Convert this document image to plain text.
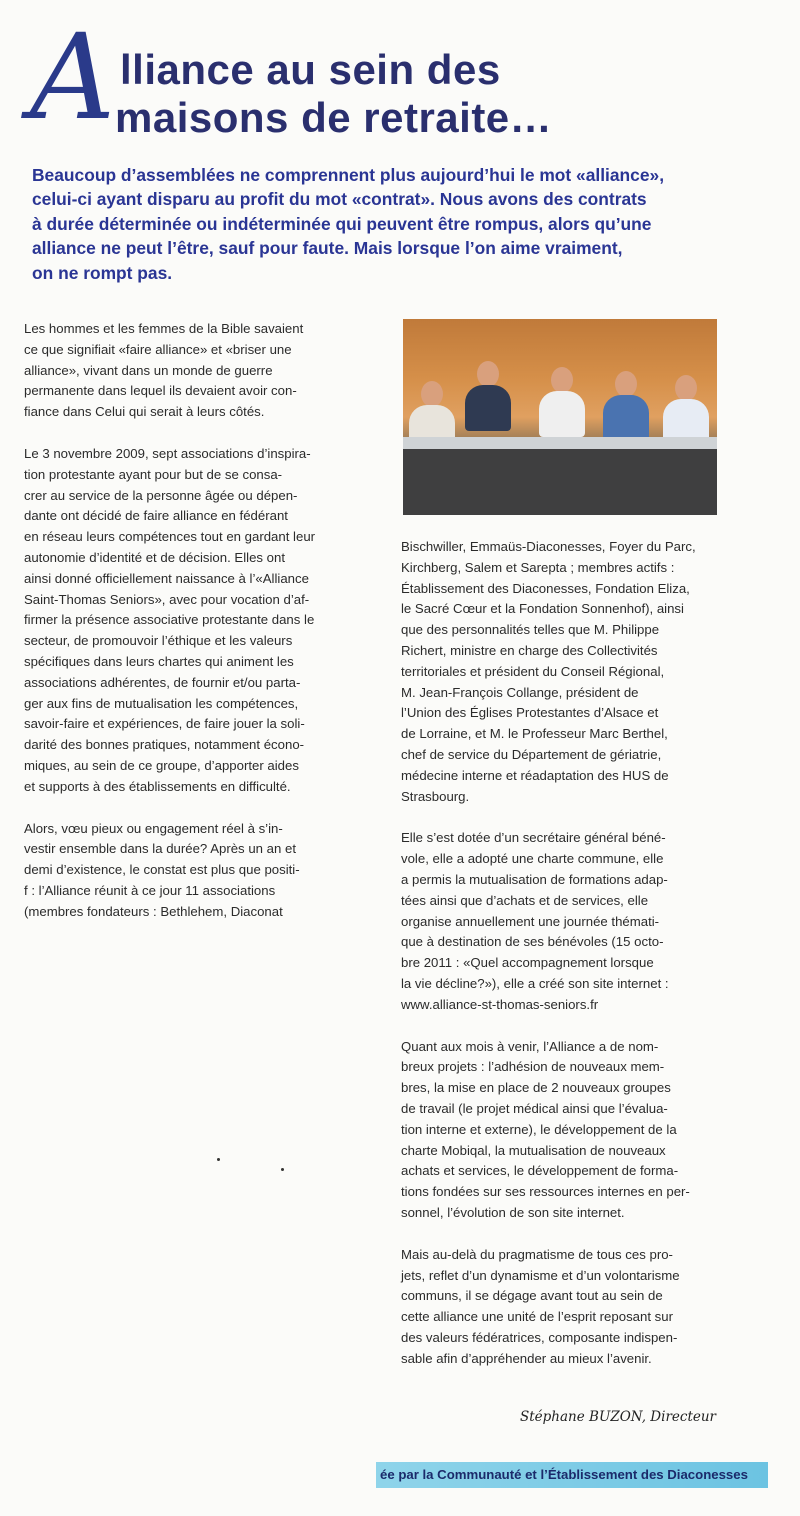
A lliance au sein des
maisons de retraite…

Beaucoup d’assemblées ne comprennent plus aujourd’hui le mot «alliance»,

celui-ci ayant disparu au profit du mot «contrat». Nous avons des contrats

à durée déterminée ou indéterminée qui peuvent être rompus, alors qu’une

alliance ne peut l’être, sauf pour faute. Mais lorsque l’on aime vraiment,

on ne rompt pas.

Les hommes et les femmes de la Bible savaient

ce que signifiait «faire alliance» et «briser une

alliance», vivant dans un monde de guerre

permanente dans lequel ils devaient avoir con-

fiance dans Celui qui serait à leurs côtés.

Le 3 novembre 2009, sept associations d’inspira-

tion protestante ayant pour but de se consa-

crer au service de la personne âgée ou dépen-

dante ont décidé de faire alliance en fédérant

en réseau leurs compétences tout en gardant leur

autonomie d’identité et de décision. Elles ont

ainsi donné officiellement naissance à l’«Alliance

Saint-Thomas Seniors», avec pour vocation d’af-

firmer la présence associative protestante dans le

secteur, de promouvoir l’éthique et les valeurs

spécifiques dans leurs chartes qui animent les

associations adhérentes, de fournir et/ou parta-

ger aux fins de mutualisation les compétences,

savoir-faire et expériences, de faire jouer la soli-

darité des bonnes pratiques, notamment écono-

miques, au sein de ce groupe, d’apporter aides

et supports à des établissements en difficulté.

Alors, vœu pieux ou engagement réel à s’in-

vestir ensemble dans la durée? Après un an et

demi d’existence, le constat est plus que positi-

f : l’Alliance réunit à ce jour 11 associations

(membres fondateurs : Bethlehem, Diaconat

Bischwiller, Emmaüs-Diaconesses, Foyer du Parc,

Kirchberg, Salem et Sarepta ; membres actifs :

Établissement des Diaconesses, Fondation Eliza,

le Sacré Cœur et la Fondation Sonnenhof), ainsi

que des personnalités telles que M. Philippe

Richert, ministre en charge des Collectivités

territoriales et président du Conseil Régional,

M. Jean-François Collange, président de

l’Union des Églises Protestantes d’Alsace et

de Lorraine, et M. le Professeur Marc Berthel,

chef de service du Département de gériatrie,

médecine interne et réadaptation des HUS de

Strasbourg.

Elle s’est dotée d’un secrétaire général béné-

vole, elle a adopté une charte commune, elle

a permis la mutualisation de formations adap-

tées ainsi que d’achats et de services, elle

organise annuellement une journée thémati-

que à destination de ses bénévoles (15 octo-

bre 2011 : «Quel accompagnement lorsque

la vie décline?»), elle a créé son site internet :

www.alliance-st-thomas-seniors.fr

Quant aux mois à venir, l’Alliance a de nom-

breux projets : l’adhésion de nouveaux mem-

bres, la mise en place de 2 nouveaux groupes

de travail (le projet médical ainsi que l’évalua-

tion interne et externe), le développement de la

charte Mobiqal, la mutualisation de nouveaux

achats et services, le développement de forma-

tions fondées sur ses ressources internes en per-

sonnel, l’évolution de son site internet.

Mais au-delà du pragmatisme de tous ces pro-

jets, reflet d’un dynamisme et d’un volontarisme

communs, il se dégage avant tout au sein de

cette alliance une unité de l’esprit reposant sur

des valeurs fédératrices, composante indispen-

sable afin d’appréhender au mieux l’avenir.

Stéphane BUZON, Directeur
ée par la Communauté et l’Établissement des Diaconesses
